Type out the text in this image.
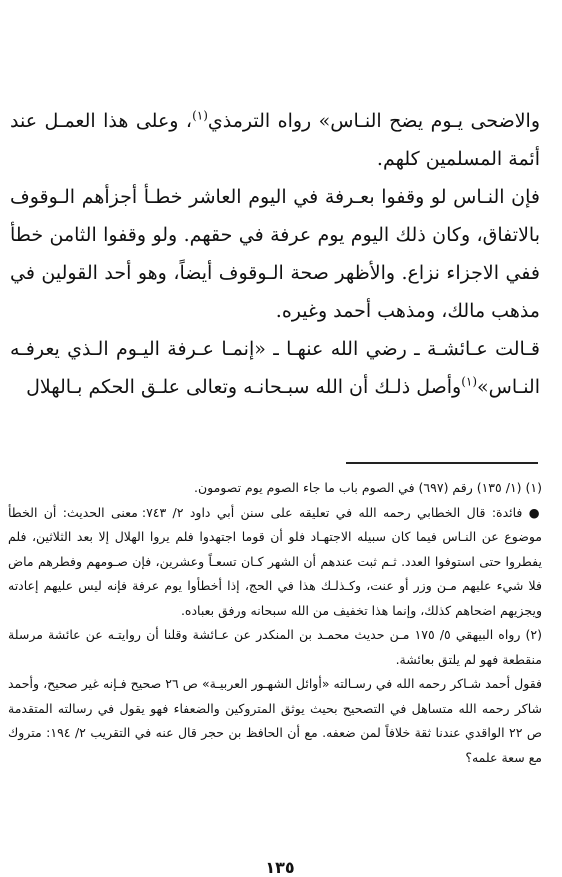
والاضحى يـوم يضح النـاس» رواه الترمذي$^{(١)}$، وعلى هذا العمـل عند أئمة المسلمين كلهم.

فإن النـاس لو وقفوا بعـرفة في اليوم العاشر خطـأ أجزأهم الـوقوف بالاتفاق، وكان ذلك اليوم يوم عرفة في حقهم. ولو وقفوا الثامن خطأ ففي الاجزاء نزاع. والأظهر صحة الـوقوف أيضاً، وهو أحد القولين في مذهب مالك، ومذهب أحمد وغيره.

قـالت عـائشـة ـ رضي الله عنهـا ـ «إنمـا عـرفة اليـوم الـذي يعرفـه النـاس»$^{(١)}$وأصل ذلـك أن الله سبـحانـه وتعالى علـق الحكم بـالهلال

(١) (١/ ١٣٥) رقم (٦٩٧) في الصوم باب ما جاء الصوم يوم تصومون.

● فائدة: قال الخطابي رحمه الله في تعليقه على سنن أبي داود ٢/ ٧٤٣: معنى الحديث: أن الخطأ موضوع عن النـاس فيما كان سبيله الاجتهـاد فلو أن قوما اجتهدوا فلم يروا الهلال إلا بعد الثلاثين، فلم يفطروا حتى استوفوا العدد. ثـم ثبت عندهم أن الشهر كـان تسعـاً وعشرين، فإن صـومهم وفطرهم ماض فلا شيء عليهم مـن وزر أو عنت، وكـذلـك هذا في الحج، إذا أخطأوا يوم عرفة فإنه ليس عليهم إعادته ويجزيهم اضحاهم كذلك، وإنما هذا تخفيف من الله سبحانه ورفق بعباده.

(٢) رواه البيهقي ٥/ ١٧٥ مـن حديث محمـد بن المنكدر عن عـائشة وقلنا أن روايتـه عن عائشة مرسلة منقطعة فهو لم يلتق بعائشة.

فقول أحمد شـاكر رحمه الله في رسـالته «أوائل الشهـور العربيـة» ص ٢٦ صحيح فـإنه غير صحيح، وأحمد شاكر رحمه الله متساهل في التصحيح بحيث يوثق المتروكين والضعفاء فهو يقول في رسالته المتقدمة ص ٢٢ الواقدي عندنا ثقة خلافاً لمن ضعفه. مع أن الحافظ بن حجر قال عنه في التقريب ٢/ ١٩٤: متروك مع سعة علمه؟

١٣٥
